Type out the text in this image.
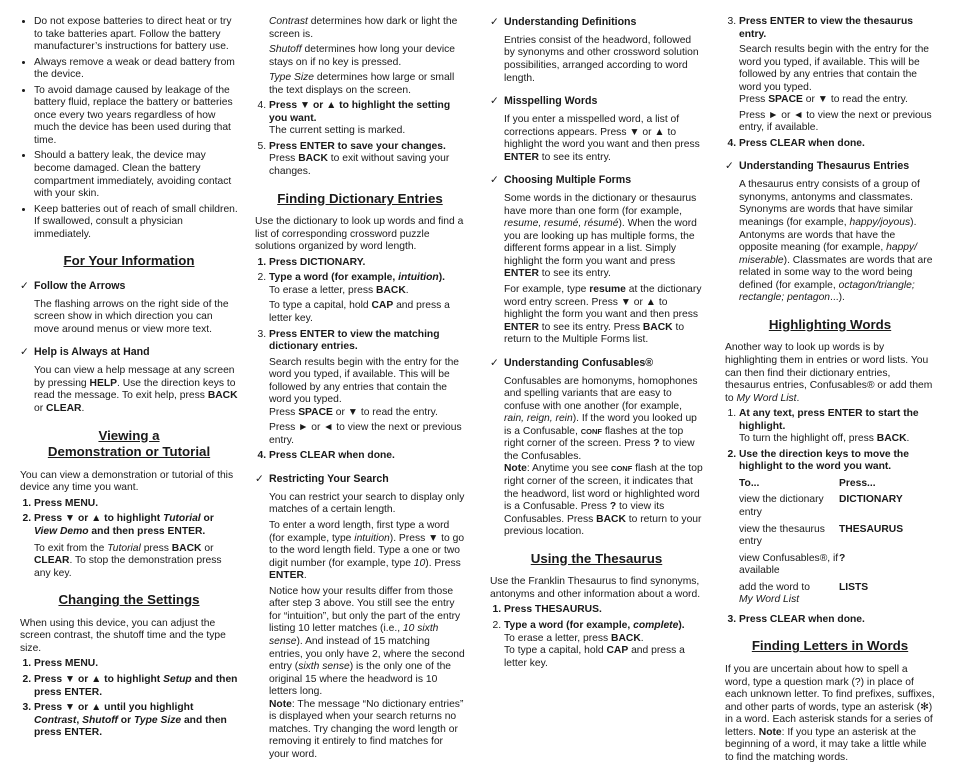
• Do not expose batteries to direct heat or try to take batteries apart. Follow the battery manufacturer’s instructions for battery use.
• Always remove a weak or dead battery from the device.
• To avoid damage caused by leakage of the battery fluid, replace the battery or batteries once every two years regardless of how much the device has been used during that time.
• Should a battery leak, the device may become damaged. Clean the battery compartment immediately, avoiding contact with your skin.
• Keep batteries out of reach of small children. If swallowed, consult a physician immediately.
For Your Information
✓ Follow the Arrows

The flashing arrows on the right side of the screen show in which direction you can move around menus or view more text.

✓ Help is Always at Hand

You can view a help message at any screen by pressing HELP. Use the direction keys to read the message. To exit help, press BACK or CLEAR.

Viewing a
Demonstration or Tutorial

You can view a demonstration or tutorial of this device any time you want.

1. Press MENU.
2. Press ▼ or ▲ to highlight Tutorial or View Demo and then press ENTER.

To exit from the Tutorial press BACK or CLEAR. To stop the demonstration press any key.

Changing the Settings

When using this device, you can adjust the screen contrast, the shutoff time and the type size.

1. Press MENU.
2. Press ▼ or ▲ to highlight Setup and then press ENTER.
3. Press ▼ or ▲ until you highlight Contrast, Shutoff or Type Size and then press ENTER.

Contrast determines how dark or light the screen is.

Shutoff determines how long your device stays on if no key is pressed.

Type Size determines how large or small the text displays on the screen.

4. Press ▼ or ▲ to highlight the setting you want.
The current setting is marked.
5. Press ENTER to save your changes.
Press BACK to exit without saving your changes.
Finding Dictionary Entries

Use the dictionary to look up words and find a list of corresponding crossword puzzle solutions organized by word length.

1. Press DICTIONARY.
2. Type a word (for example, intuition).
To erase a letter, press BACK.
To type a capital, hold CAP and press a letter key.
3. Press ENTER to view the matching dictionary entries.
Search results begin with the entry for the word you typed, if available. This will be followed by any entries that contain the word you typed.
Press SPACE or ▼ to read the entry.
Press ► or ◄ to view the next or previous entry.
4. Press CLEAR when done.
✓ Restricting Your Search

You can restrict your search to display only matches of a certain length.

To enter a word length, first type a word (for example, type intuition). Press ▼ to go to the word length field. Type a one or two digit number (for example, type 10). Press ENTER.

Notice how your results differ from those after step 3 above. You still see the entry for “intuition”, but only the part of the entry listing 10 letter matches (i.e., 10 sixth sense). And instead of 15 matching entries, you only have 2, where the second entry (sixth sense) is the only one of the original 15 where the headword is 10 letters long.
Note: The message “No dictionary entries” is displayed when your search returns no matches. Try changing the word length or removing it entirely to find matches for your word.

✓ Understanding Definitions

Entries consist of the headword, followed by synonyms and other crossword solution possibilities, arranged according to word length.

✓ Misspelling Words

If you enter a misspelled word, a list of corrections appears. Press ▼ or ▲ to highlight the word you want and then press ENTER to see its entry.

✓ Choosing Multiple Forms

Some words in the dictionary or thesaurus have more than one form (for example, resume, resumé, résumé). When the word you are looking up has multiple forms, the different forms appear in a list. Simply highlight the form you want and press ENTER to see its entry.

For example, type resume at the dictionary word entry screen. Press ▼ or ▲ to highlight the form you want and then press ENTER to see its entry. Press BACK to return to the Multiple Forms list.

✓ Understanding Confusables®

Confusables are homonyms, homophones and spelling variants that are easy to confuse with one another (for example, rain, reign, rein). If the word you looked up is a Confusable, CONF flashes at the top right corner of the screen. Press ? to view the Confusables.
Note: Anytime you see CONF flash at the top right corner of the screen, it indicates that the headword, list word or highlighted word is a Confusable. Press ? to view its Confusables. Press BACK to return to your previous location.

Using the Thesaurus

Use the Franklin Thesaurus to find synonyms, antonyms and other information about a word.

1. Press THESAURUS.
2. Type a word (for example, complete).
To erase a letter, press BACK.
To type a capital, hold CAP and press a letter key.
3. Press ENTER to view the thesaurus entry.
Search results begin with the entry for the word you typed, if available. This will be followed by any entries that contain the word you typed.
Press SPACE or ▼ to read the entry.
Press ► or ◄ to view the next or previous entry, if available.
4. Press CLEAR when done.
✓ Understanding Thesaurus Entries

A thesaurus entry consists of a group of synonyms, antonyms and classmates. Synonyms are words that have similar meanings (for example, happy/joyous). Antonyms are words that have the opposite meaning (for example, happy/ miserable). Classmates are words that are related in some way to the word being defined (for example, octagon/triangle; rectangle; pentagon...).

Highlighting Words

Another way to look up words is by highlighting them in entries or word lists. You can then find their dictionary entries, thesaurus entries, Confusables® or add them to My Word List.

1. At any text, press ENTER to start the highlight.
To turn the highlight off, press BACK.
2. Use the direction keys to move the highlight to the word you want.
To...	Press...
view the dictionary entry	DICTIONARY
view the thesaurus entry	THESAURUS
view Confusables®, if available	?
add the word to
My Word List	LISTS
3. Press CLEAR when done.
Finding Letters in Words

If you are uncertain about how to spell a word, type a question mark (?) in place of each unknown letter. To find prefixes, suffixes, and other parts of words, type an asterisk (✻) in a word. Each asterisk stands for a series of letters. Note: If you type an asterisk at the beginning of a word, it may take a little while to find the matching words.
